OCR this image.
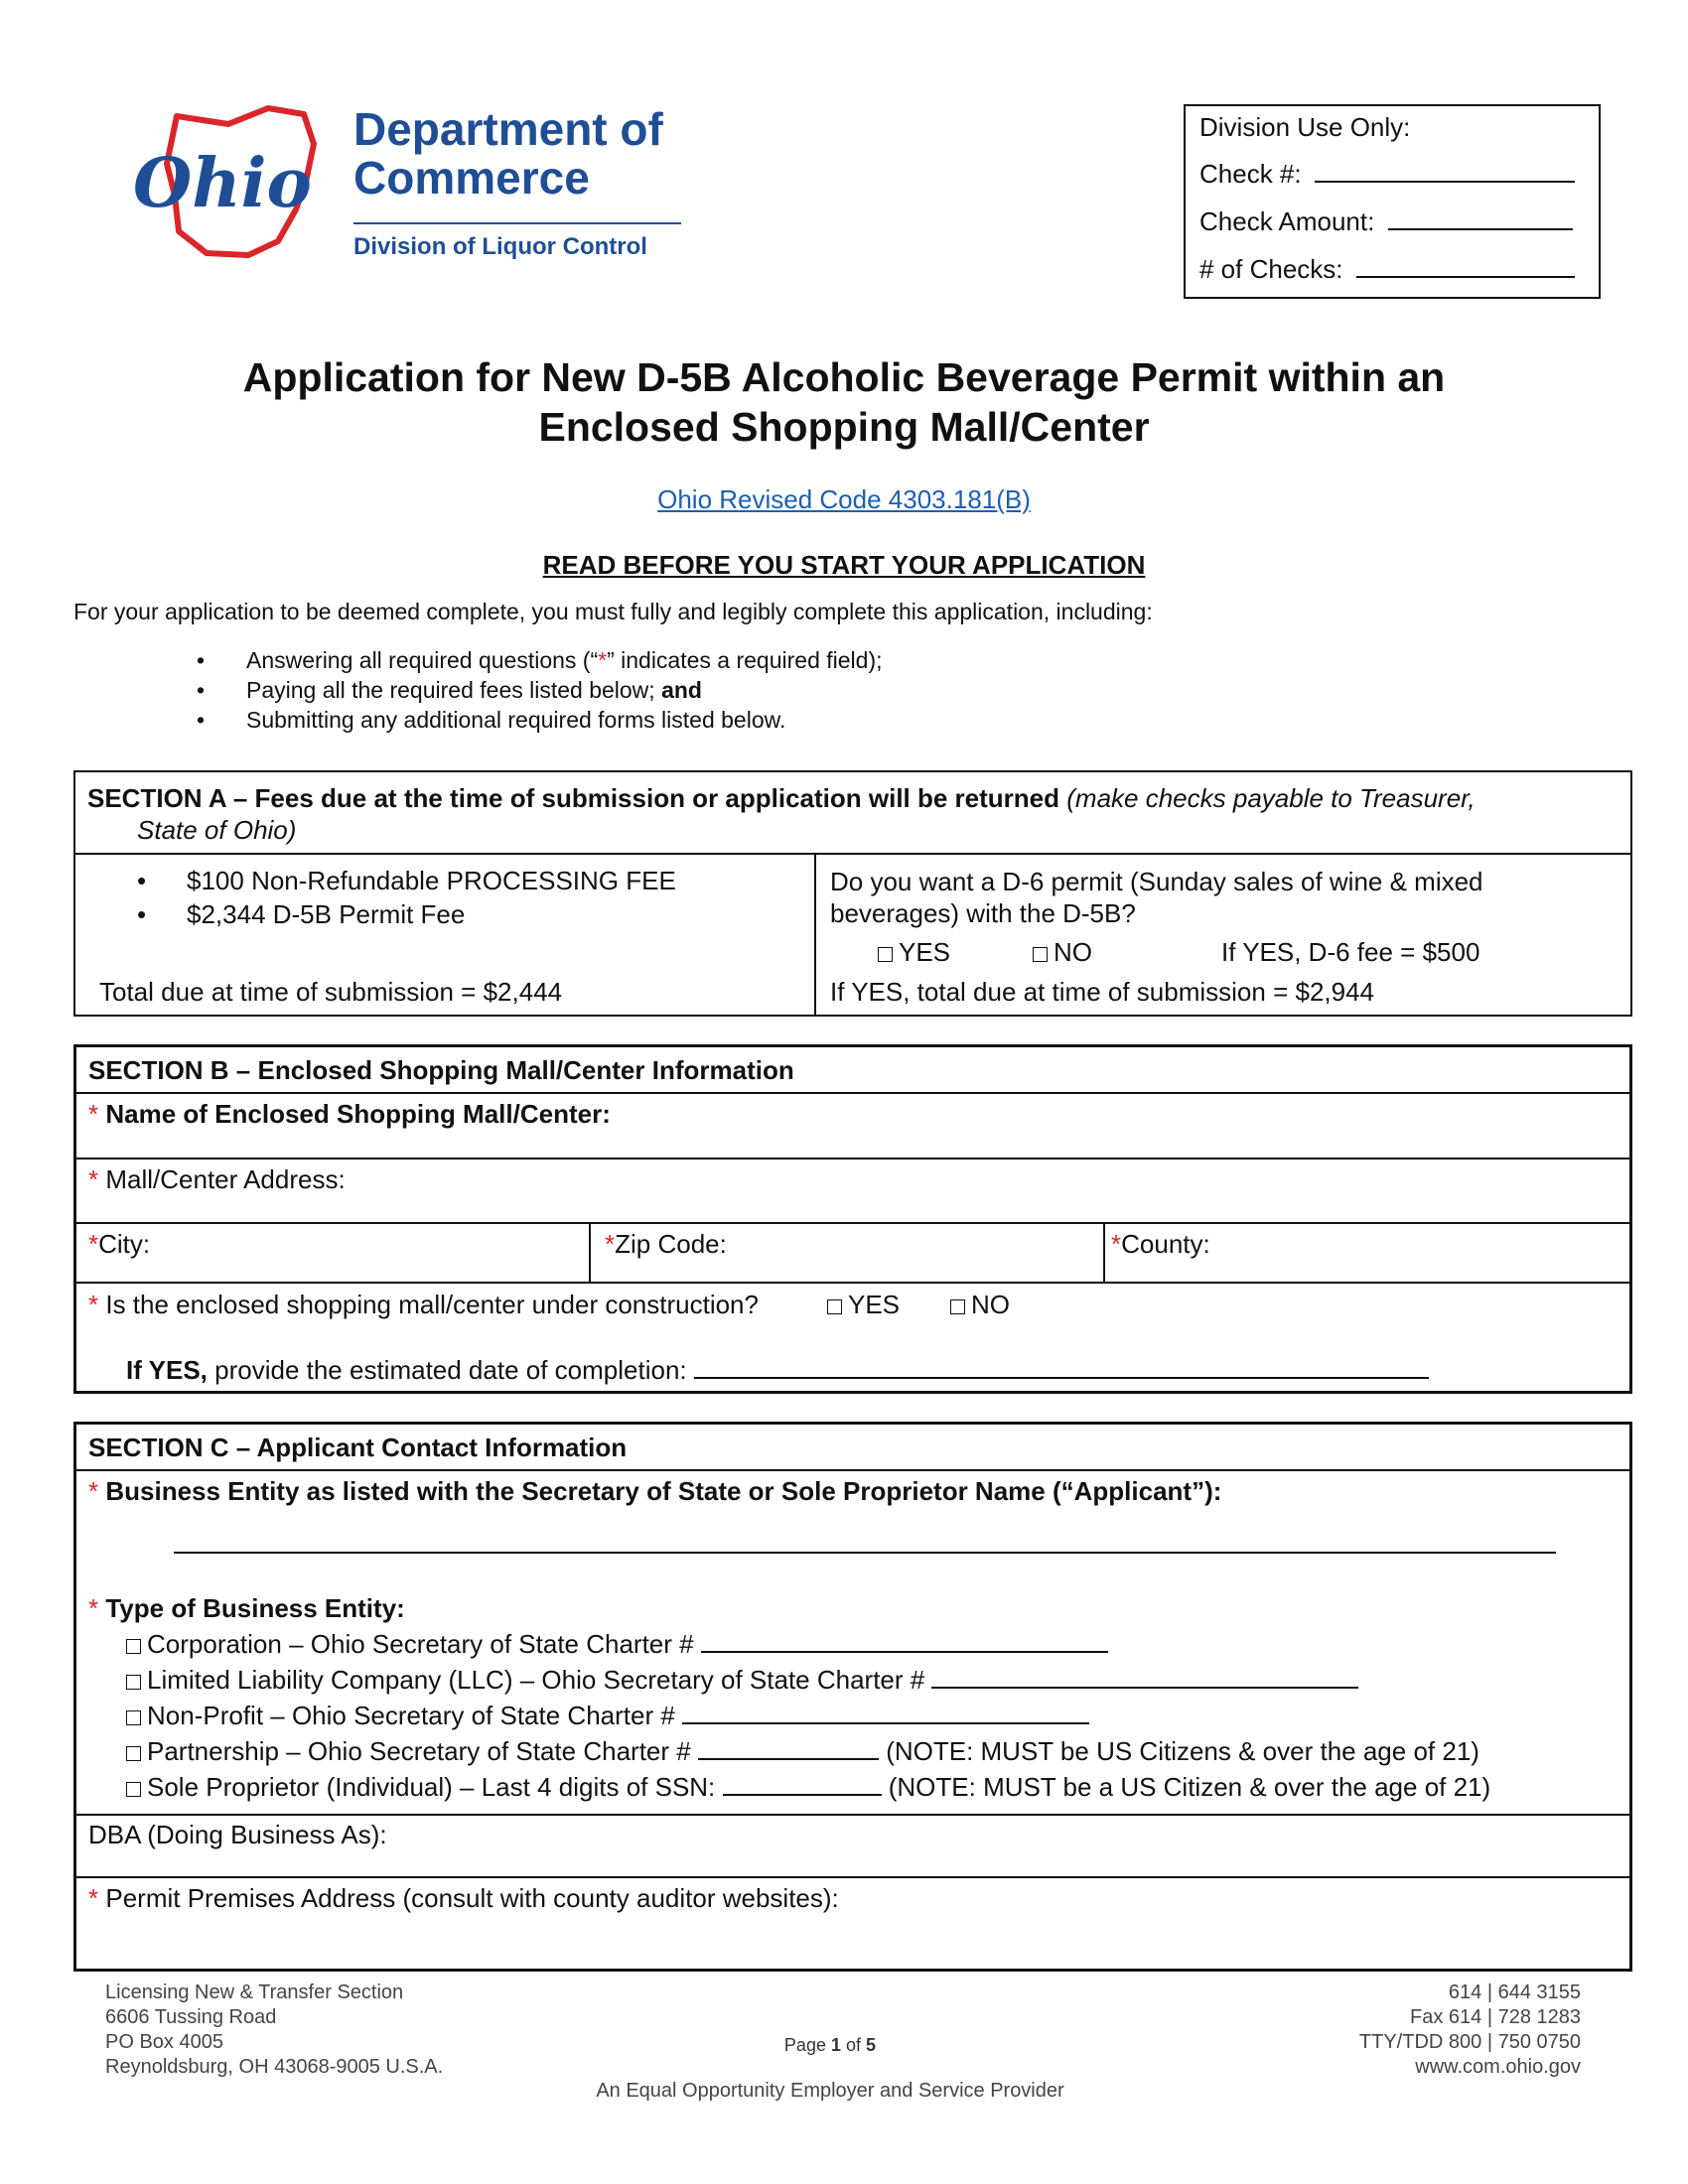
Ohio
Department of
Commerce
Division of Liquor Control
Division Use Only:
Check #:
Check Amount:
# of Checks:
Application for New D-5B Alcoholic Beverage Permit within an
Enclosed Shopping Mall/Center
Ohio Revised Code 4303.181(B)
READ BEFORE YOU START YOUR APPLICATION
For your application to be deemed complete, you must fully and legibly complete this application, including:
• Answering all required questions (“*” indicates a required field);
• Paying all the required fees listed below; and
• Submitting any additional required forms listed below.
SECTION A – Fees due at the time of submission or application will be returned (make checks payable to Treasurer,
State of Ohio)
• $100 Non-Refundable PROCESSING FEE
• $2,344 D-5B Permit Fee
Total due at time of submission = $2,444
Do you want a D-6 permit (Sunday sales of wine & mixed
beverages) with the D-5B?
YES	NO	If YES, D-6 fee = $500
If YES, total due at time of submission = $2,944
SECTION B – Enclosed Shopping Mall/Center Information
* Name of Enclosed Shopping Mall/Center:
* Mall/Center Address:
*City:	*Zip Code:	*County:
* Is the enclosed shopping mall/center under construction?	YES	NO
If YES, provide the estimated date of completion:
SECTION C – Applicant Contact Information
* Business Entity as listed with the Secretary of State or Sole Proprietor Name (“Applicant”):
* Type of Business Entity:
Corporation – Ohio Secretary of State Charter #
Limited Liability Company (LLC) – Ohio Secretary of State Charter #
Non-Profit – Ohio Secretary of State Charter #
Partnership – Ohio Secretary of State Charter #	(NOTE: MUST be US Citizens & over the age of 21)
Sole Proprietor (Individual) – Last 4 digits of SSN:	(NOTE: MUST be a US Citizen & over the age of 21)
DBA (Doing Business As):
* Permit Premises Address (consult with county auditor websites):
Licensing New & Transfer Section
6606 Tussing Road
PO Box 4005
Reynoldsburg, OH 43068-9005 U.S.A.
Page 1 of 5
An Equal Opportunity Employer and Service Provider
614 | 644 3155
Fax 614 | 728 1283
TTY/TDD 800 | 750 0750
www.com.ohio.gov
